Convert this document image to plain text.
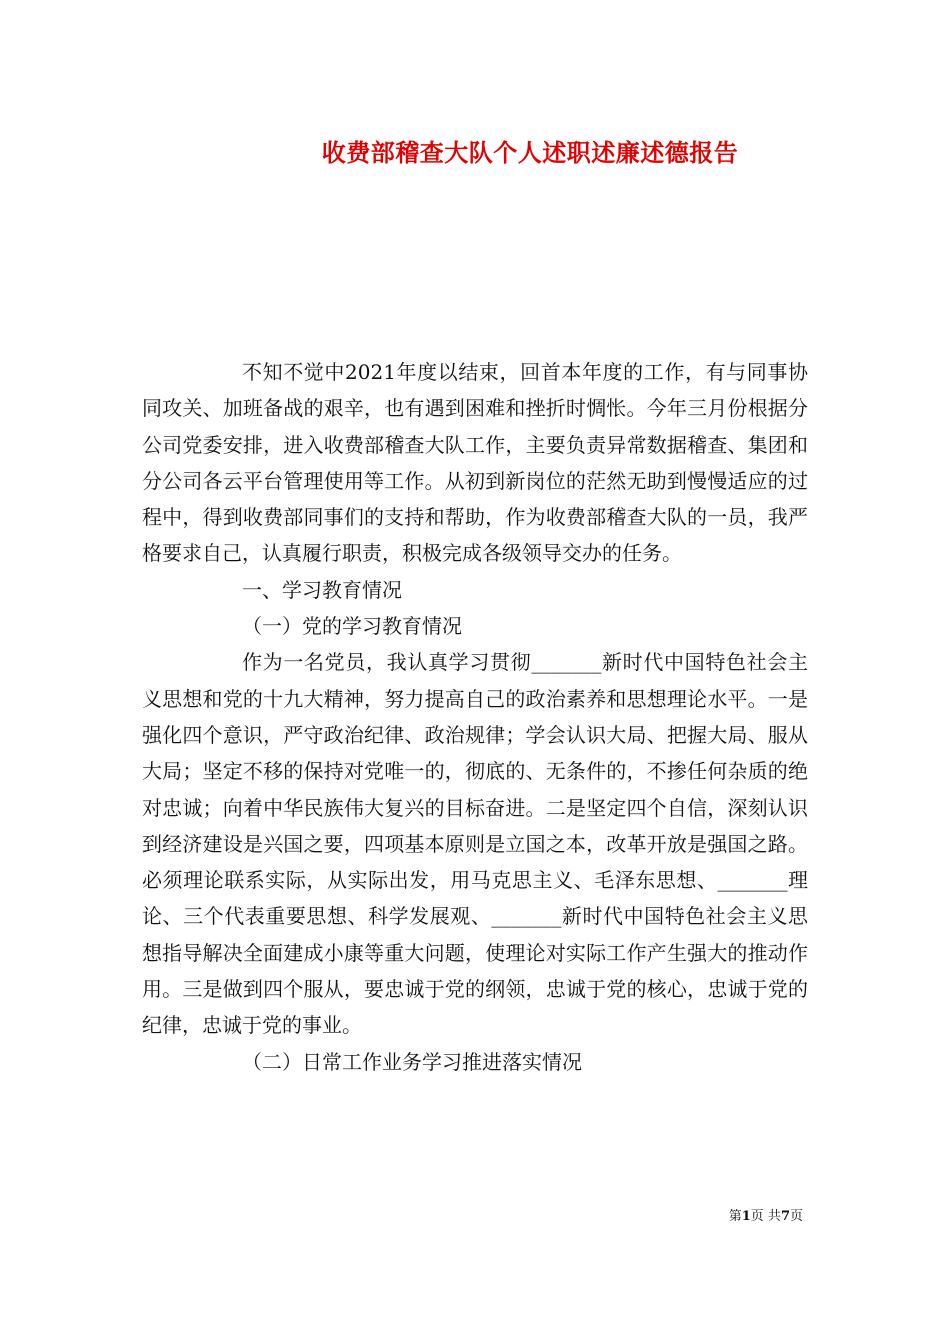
收费部稽查大队个人述职述廉述德报告

不知不觉中2021年度以结束，回首本年度的工作，有与同事协同攻关、加班备战的艰辛，也有遇到困难和挫折时惆怅。今年三月份根据分公司党委安排，进入收费部稽查大队工作，主要负责异常数据稽查、集团和分公司各云平台管理使用等工作。从初到新岗位的茫然无助到慢慢适应的过程中，得到收费部同事们的支持和帮助，作为收费部稽查大队的一员，我严格要求自己，认真履行职责，积极完成各级领导交办的任务。

一、学习教育情况

（一）党的学习教育情况

作为一名党员，我认真学习贯彻_______新时代中国特色社会主义思想和党的十九大精神，努力提高自己的政治素养和思想理论水平。一是强化四个意识，严守政治纪律、政治规律；学会认识大局、把握大局、服从大局；坚定不移的保持对党唯一的，彻底的、无条件的，不掺任何杂质的绝对忠诚；向着中华民族伟大复兴的目标奋进。二是坚定四个自信，深刻认识到经济建设是兴国之要，四项基本原则是立国之本，改革开放是强国之路。必须理论联系实际，从实际出发，用马克思主义、毛泽东思想、_______理论、三个代表重要思想、科学发展观、_______新时代中国特色社会主义思想指导解决全面建成小康等重大问题，使理论对实际工作产生强大的推动作用。三是做到四个服从，要忠诚于党的纲领，忠诚于党的核心，忠诚于党的纪律，忠诚于党的事业。

（二）日常工作业务学习推进落实情况

第1页 共7页
